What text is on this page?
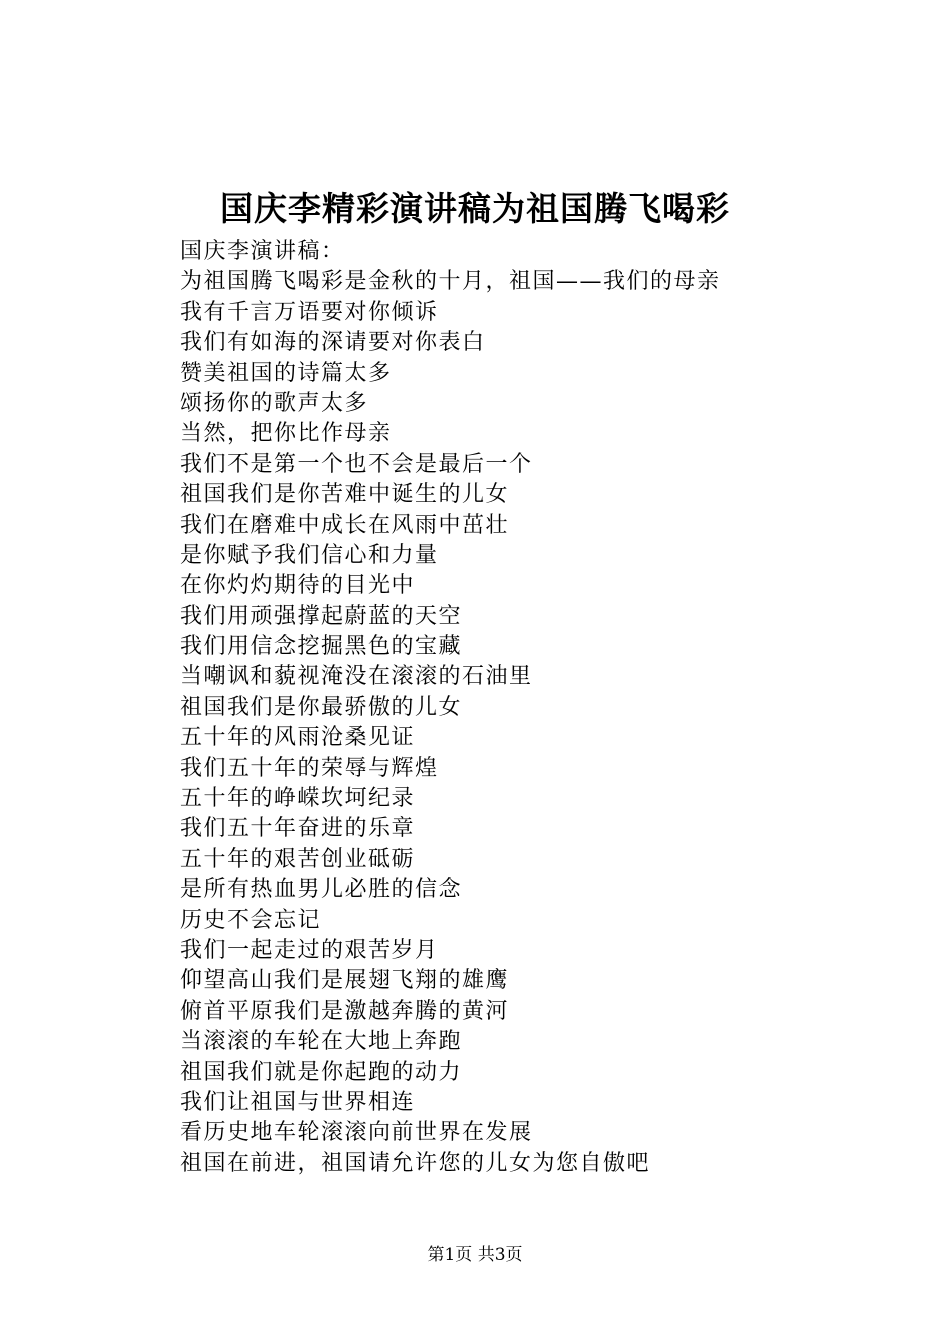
国庆李精彩演讲稿为祖国腾飞喝彩
国庆李演讲稿：
为祖国腾飞喝彩是金秋的十月，祖国——我们的母亲
我有千言万语要对你倾诉
我们有如海的深请要对你表白
赞美祖国的诗篇太多
颂扬你的歌声太多
当然，把你比作母亲
我们不是第一个也不会是最后一个
祖国我们是你苦难中诞生的儿女
我们在磨难中成长在风雨中茁壮
是你赋予我们信心和力量
在你灼灼期待的目光中
我们用顽强撑起蔚蓝的天空
我们用信念挖掘黑色的宝藏
当嘲讽和藐视淹没在滚滚的石油里
祖国我们是你最骄傲的儿女
五十年的风雨沧桑见证
我们五十年的荣辱与辉煌
五十年的峥嵘坎坷纪录
我们五十年奋进的乐章
五十年的艰苦创业砥砺
是所有热血男儿必胜的信念
历史不会忘记
我们一起走过的艰苦岁月
仰望高山我们是展翅飞翔的雄鹰
俯首平原我们是激越奔腾的黄河
当滚滚的车轮在大地上奔跑
祖国我们就是你起跑的动力
我们让祖国与世界相连
看历史地车轮滚滚向前世界在发展
祖国在前进，祖国请允许您的儿女为您自傲吧
第1页 共3页
